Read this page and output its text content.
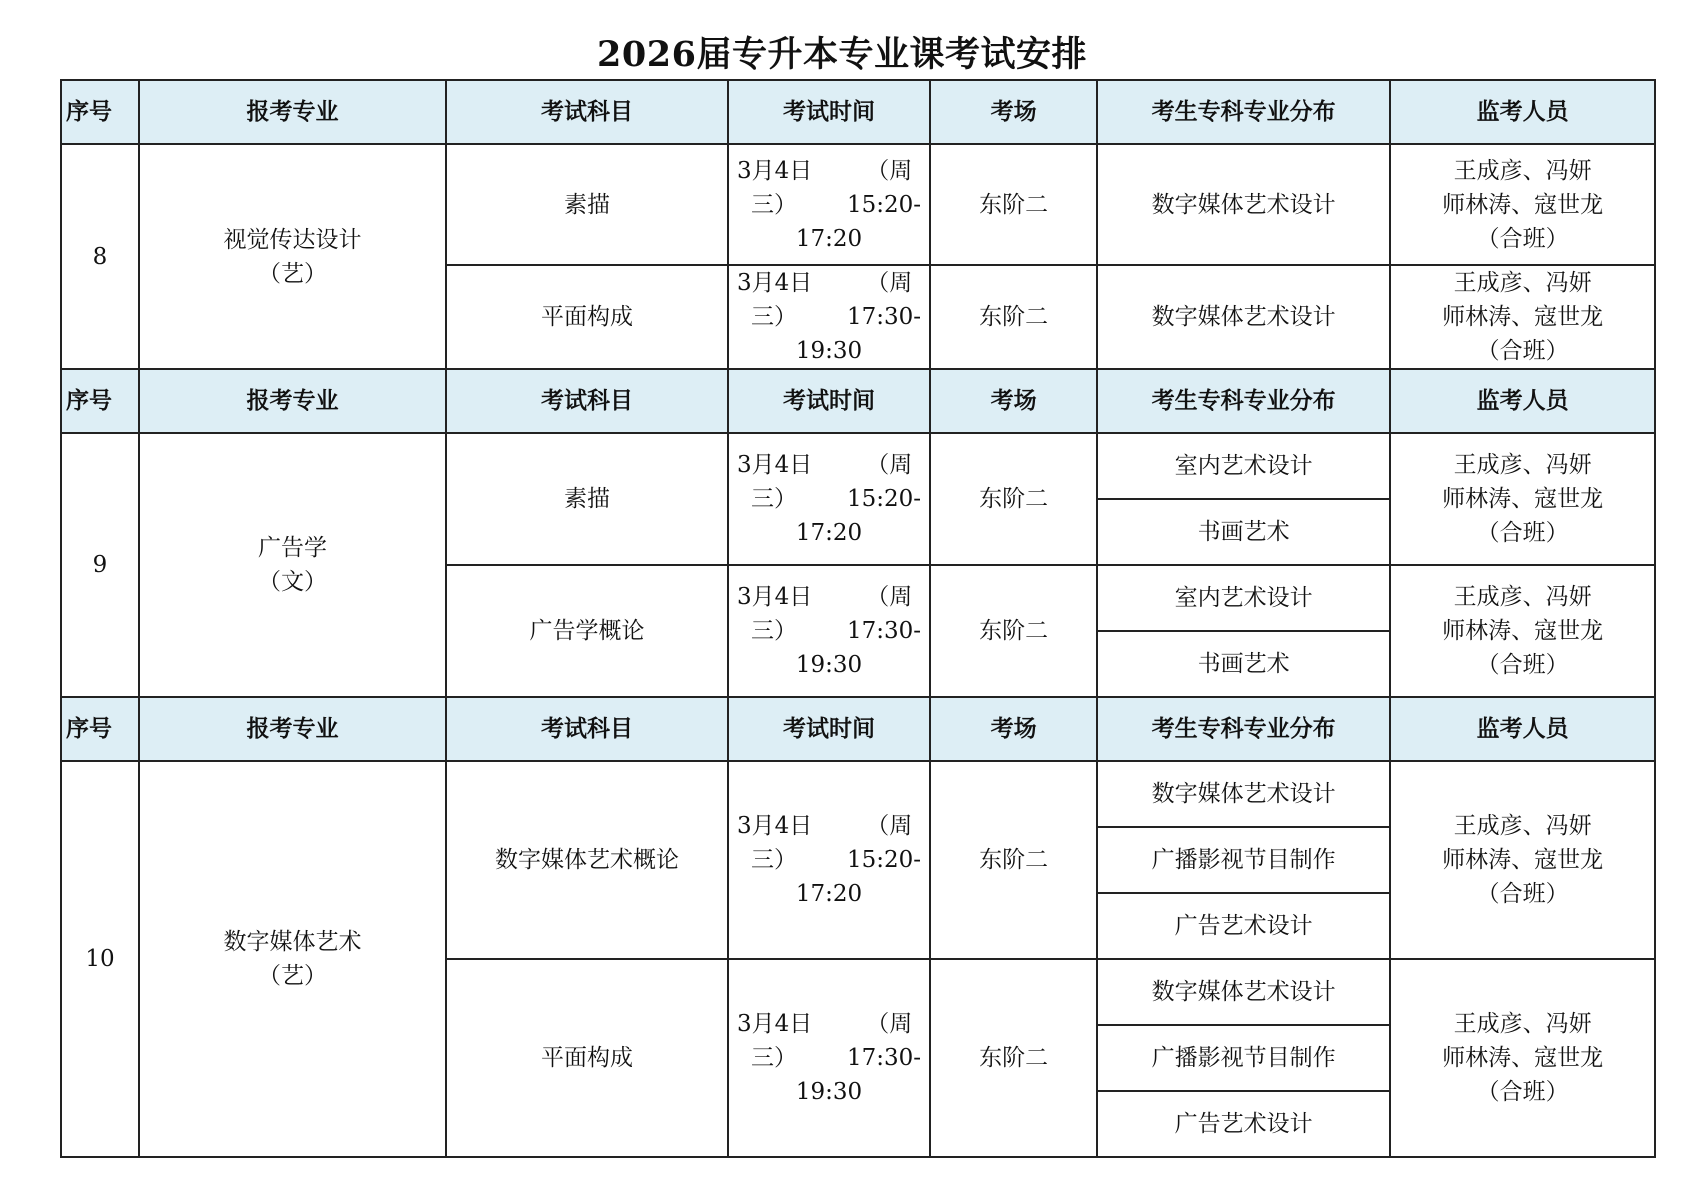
2026届专升本专业课考试安排
序号	报考专业	考试科目	考试时间	考场	考生专科专业分布	监考人员
8	视觉传达设计
（艺）	素描	3月4日 （周
三） 15:20-
17:20	东阶二	数字媒体艺术设计	王成彦、冯妍
师林涛、寇世龙
（合班）

		平面构成	3月4日 （周
三） 17:30-
19:30	东阶二	数字媒体艺术设计	王成彦、冯妍
师林涛、寇世龙
（合班）

序号	报考专业	考试科目	考试时间	考场	考生专科专业分布	监考人员
9	广告学
（文）	素描	3月4日 （周
三） 15:20-
17:20	东阶二	室内艺术设计	王成彦、冯妍
师林涛、寇世龙
（合班）

					书画艺术	
		广告学概论	3月4日 （周
三） 17:30-
19:30	东阶二	室内艺术设计	王成彦、冯妍
师林涛、寇世龙
（合班）

					书画艺术	
序号	报考专业	考试科目	考试时间	考场	考生专科专业分布	监考人员
10	数字媒体艺术
（艺）	数字媒体艺术概论	3月4日 （周
三） 15:20-
17:20	东阶二	数字媒体艺术设计	王成彦、冯妍
师林涛、寇世龙
（合班）

					广播影视节目制作	
					广告艺术设计	
		平面构成	3月4日 （周
三） 17:30-
19:30	东阶二	数字媒体艺术设计	王成彦、冯妍
师林涛、寇世龙
（合班）

					广播影视节目制作	
					广告艺术设计	
